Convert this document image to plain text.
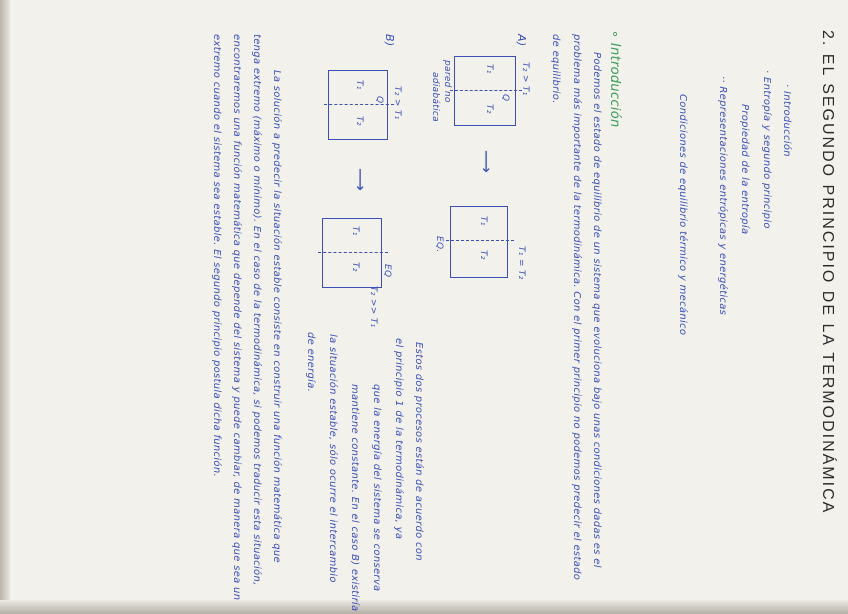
2. EL SEGUNDO PRINCIPIO DE LA TERMODINÁMICA
· Introducción
· Entropía y segundo principio
Propiedad de la entropía
·· Representaciones entrópicas y energéticas
Condiciones de equilibrio térmico y mecánico
∘ Introducción
Podemos el estado de equilibrio de un sistema que evoluciona bajo unas condiciones dadas es el
problema más importante de la termodinámica. Con el primer principio no podemos predecir el estado
de equilibrio.
A)
T₂ > T₁
T₁
T₂
Q
pared no
adiabática
⟶
T₁
T₂	T₁ = T₂
EQ.
B)
T₂ > T₁
T₁
T₂
Q
⟶
T₁
T₂ EQ
T₂ >> T₁
Estos dos procesos están de acuerdo con
el principio 1 de la termodinámica, ya
que la energía del sistema se conserva
mantiene constante. En el caso B) existiría
la situación estable, sólo ocurre el intercambio
de energía.
La solución a predecir la situación estable consiste en construir una función matemática que
tenga extremo (máximo o mínimo). En el caso de la termodinámica, si podemos traducir esta situación,
encontraremos una función matemática que depende del sistema y puede cambiar, de manera que sea un
extremo cuando el sistema sea estable. El segundo principio postula dicha función.
